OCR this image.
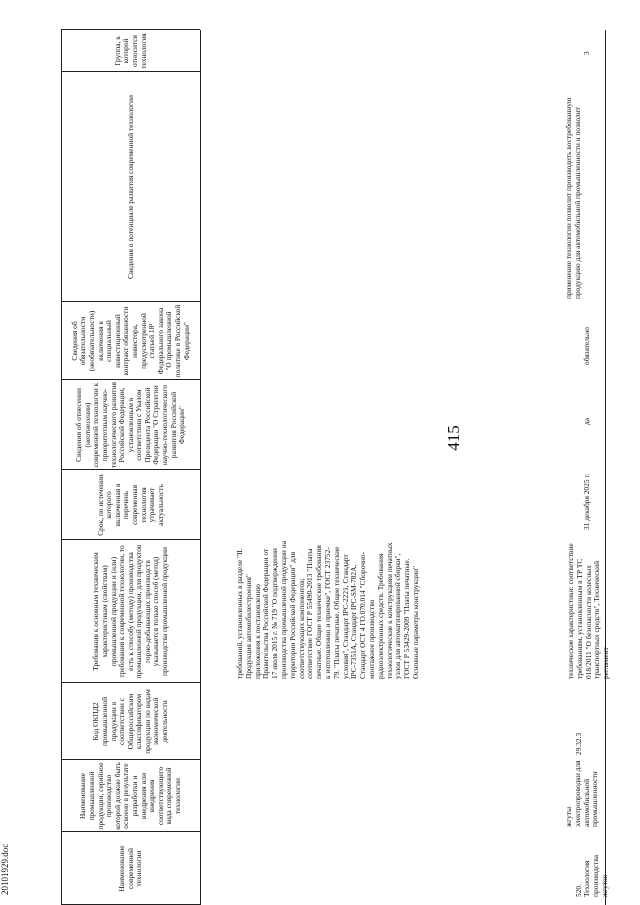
415
20101929.doc	Наименование современной технологии
Наименование промышленной продукции, серийное производство которой должно быть освоено в результате разработки и внедрения или внедрения соответствующего вида современной технологии
Код ОКПД2 промышленной продукции в соответствии с Общероссийским классификатором продукции по видам экономической деятельности
Требования к основным техническим характеристикам (свойствам) промышленной продукции и (или) требования к современной технологии, то есть к способу (методу) производства промышленной продукции, для продуктов горно-добывающих производств указывается только способ (метод) производства промышленной продукции
Срок, по истечении которого включенная в перечень современная технология утрачивает актуальность
Сведения об отнесении (неотнесении) современной технологии к приоритетным научно-технологического развития Российской Федерации, установленным в соответствии с Указом Президента Российской Федерации "О Стратегии научно-технологического развития Российской Федерации"
Сведения об обязательности (необязательности) включения в специальный инвестиционный контракт обязанности инвестора, предусмотренной статьей 18² Федерального закона "О промышленной политике в Российской Федерации"
Сведения о потенциале развития современной технологии
Группа, к которой относится технология
требований, установленных в разделе "II. Продукция автомобилестроения" приложения к постановлению Правительства Российской Федерации от 17 июля 2015 г. № 719 "О подтверждении производства промышленной продукции на территории Российской Федерации" для соответствующих компонентов; соответствие ГОСТ Р 55490-2013 "Платы печатные. Общие технические требования к изготовлению и приемке", ГОСТ 23752-79. "Платы печатные. Общие технические условия", Стандарт IPC-2221, Стандарт IPC-7351A, Стандарт IPC-SM-782A, Стандарт ОСТ 4 ГО.070.014 "Сборочно-монтажное производство радиоэлектронных средств. Требования технологические к конструкциям печатных узлов для автоматизированной сборки", ГОСТ Р 53429-2009 "Платы печатные. Основные параметры конструкции"
520. Технология производства жгутов
жгуты электропроводки для автомобильной промышленности
29.32.3
технические характеристики: соответствие требованиям, установленным в ТР ТС 018/2011 "О безопасности колесных транспортных средств", Технический регламент
31 декабря 2025 г.
да
обязательно
применение технологии позволит производить востребованную продукцию для автомобильной промышленности и позволит
3
